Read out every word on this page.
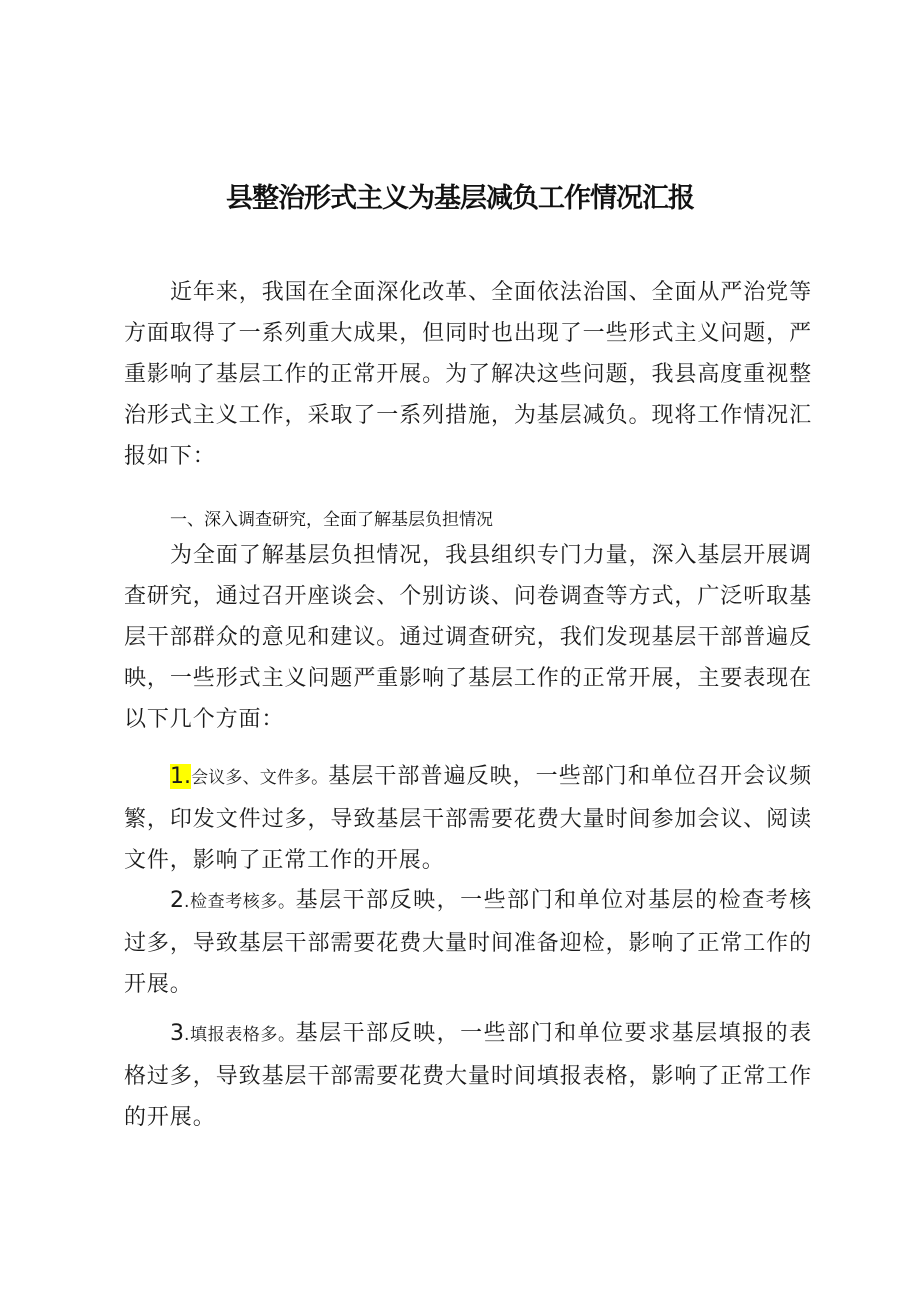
县整治形式主义为基层减负工作情况汇报

近年来，我国在全面深化改革、全面依法治国、全面从严治党等方面取得了一系列重大成果，但同时也出现了一些形式主义问题，严重影响了基层工作的正常开展。为了解决这些问题，我县高度重视整治形式主义工作，采取了一系列措施，为基层减负。现将工作情况汇报如下：

一、深入调查研究，全面了解基层负担情况

为全面了解基层负担情况，我县组织专门力量，深入基层开展调查研究，通过召开座谈会、个别访谈、问卷调查等方式，广泛听取基层干部群众的意见和建议。通过调查研究，我们发现基层干部普遍反映，一些形式主义问题严重影响了基层工作的正常开展，主要表现在以下几个方面：

1.会议多、文件多。基层干部普遍反映，一些部门和单位召开会议频繁，印发文件过多，导致基层干部需要花费大量时间参加会议、阅读文件，影响了正常工作的开展。

2.检查考核多。基层干部反映，一些部门和单位对基层的检查考核过多，导致基层干部需要花费大量时间准备迎检，影响了正常工作的开展。

3.填报表格多。基层干部反映，一些部门和单位要求基层填报的表格过多，导致基层干部需要花费大量时间填报表格，影响了正常工作的开展。
